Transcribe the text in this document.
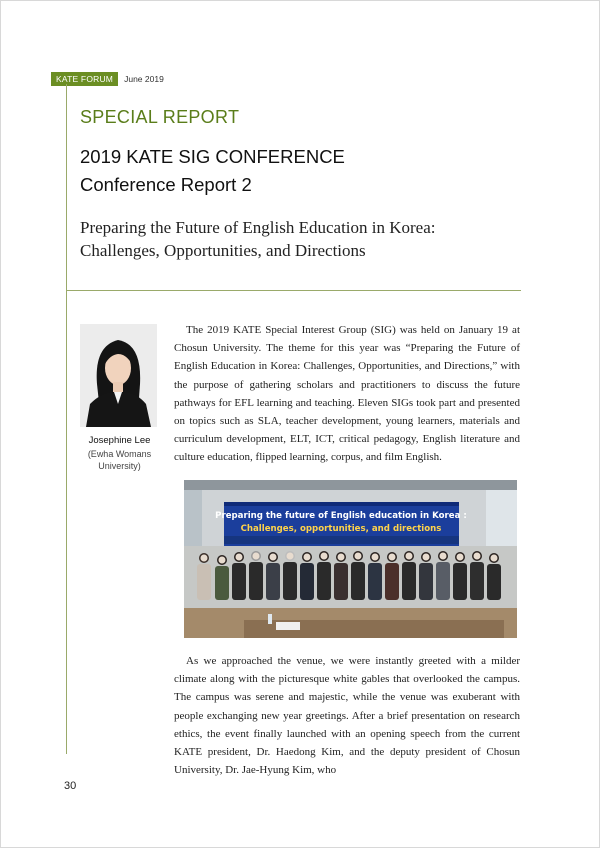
KATE FORUM	June 2019
SPECIAL REPORT
2019 KATE SIG CONFERENCE
Conference Report 2
Preparing the Future of English Education in Korea:
Challenges, Opportunities, and Directions
Josephine Lee
(Ewha Womans
University)

The 2019 KATE Special Interest Group (SIG) was held on January 19 at Chosun University. The theme for this year was “Preparing the Future of English Education in Korea: Challenges, Opportunities, and Directions,” with the purpose of gathering scholars and practitioners to discuss the future pathways for EFL learning and teaching. Eleven SIGs took part and presented on topics such as SLA, teacher development, young learners, materials and curriculum development, ELT, ICT, critical pedagogy, English literature and culture education, flipped learning, corpus, and film English.

Preparing the future of English education in Korea :
Challenges, opportunities, and directions

As we approached the venue, we were instantly greeted with a milder climate along with the picturesque white gables that overlooked the campus. The campus was serene and majestic, while the venue was exuberant with people exchanging new year greetings. After a brief presentation on research ethics, the event finally launched with an opening speech from the current KATE president, Dr. Haedong Kim, and the deputy president of Chosun University, Dr. Jae-Hyung Kim, who

30
